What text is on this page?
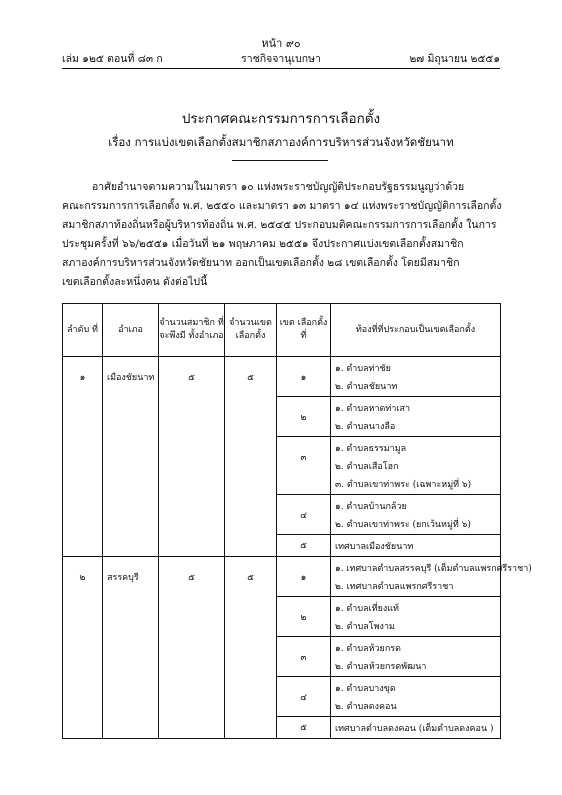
หน้า ๙๐
เล่ม ๑๒๕ ตอนที่ ๘๓ ก	ราชกิจจานุเบกษา	๒๗ มิถุนายน ๒๕๕๑
ประกาศคณะกรรมการการเลือกตั้ง
เรื่อง การแบ่งเขตเลือกตั้งสมาชิกสภาองค์การบริหารส่วนจังหวัดชัยนาท
อาศัยอำนาจตามความในมาตรา ๑๐ แห่งพระราชบัญญัติประกอบรัฐธรรมนูญว่าด้วย
คณะกรรมการการเลือกตั้ง พ.ศ. ๒๕๕๐ และมาตรา ๑๓ มาตรา ๑๔ แห่งพระราชบัญญัติการเลือกตั้ง
สมาชิกสภาท้องถิ่นหรือผู้บริหารท้องถิ่น พ.ศ. ๒๕๔๕ ประกอบมติคณะกรรมการการเลือกตั้ง ในการ
ประชุมครั้งที่ ๖๖/๒๕๕๑ เมื่อวันที่ ๒๑ พฤษภาคม ๒๕๕๑ จึงประกาศแบ่งเขตเลือกตั้งสมาชิก
สภาองค์การบริหารส่วนจังหวัดชัยนาท ออกเป็นเขตเลือกตั้ง ๒๘ เขตเลือกตั้ง โดยมีสมาชิก
เขตเลือกตั้งละหนึ่งคน ดังต่อไปนี้
ลำดับ ที่	อำเภอ	จำนวนสมาชิก ที่จะพึงมี ทั้งอำเภอ	จำนวนเขต เลือกตั้ง	เขต เลือกตั้งที่	ท้องที่ที่ประกอบเป็นเขตเลือกตั้ง
๑	เมืองชัยนาท	๕	๕	๑	๑. ตำบลท่าชัย
๒. ตำบลชัยนาท

				๒	๑. ตำบลหาดท่าเสา
๒. ตำบลนางลือ

				๓	๑. ตำบลธรรมามูล
๒. ตำบลเสือโฮก
๓. ตำบลเขาท่าพระ (เฉพาะหมู่ที่ ๖)

				๔	๑. ตำบลบ้านกล้วย
๒. ตำบลเขาท่าพระ (ยกเว้นหมู่ที่ ๖)

				๕	เทศบาลเมืองชัยนาท

๒	สรรคบุรี	๕	๕	๑	๑. เทศบาลตำบลสรรคบุรี (เต็มตำบลแพรกศรีราชา)
๒. เทศบาลตำบลแพรกศรีราชา

				๒	๑. ตำบลเที่ยงแท้
๒. ตำบลโพงาม

				๓	๑. ตำบลห้วยกรด
๒. ตำบลห้วยกรดพัฒนา

				๔	๑. ตำบลบางขุด
๒. ตำบลดงคอน

				๕	เทศบาลตำบลดงคอน (เต็มตำบลดงคอน )
